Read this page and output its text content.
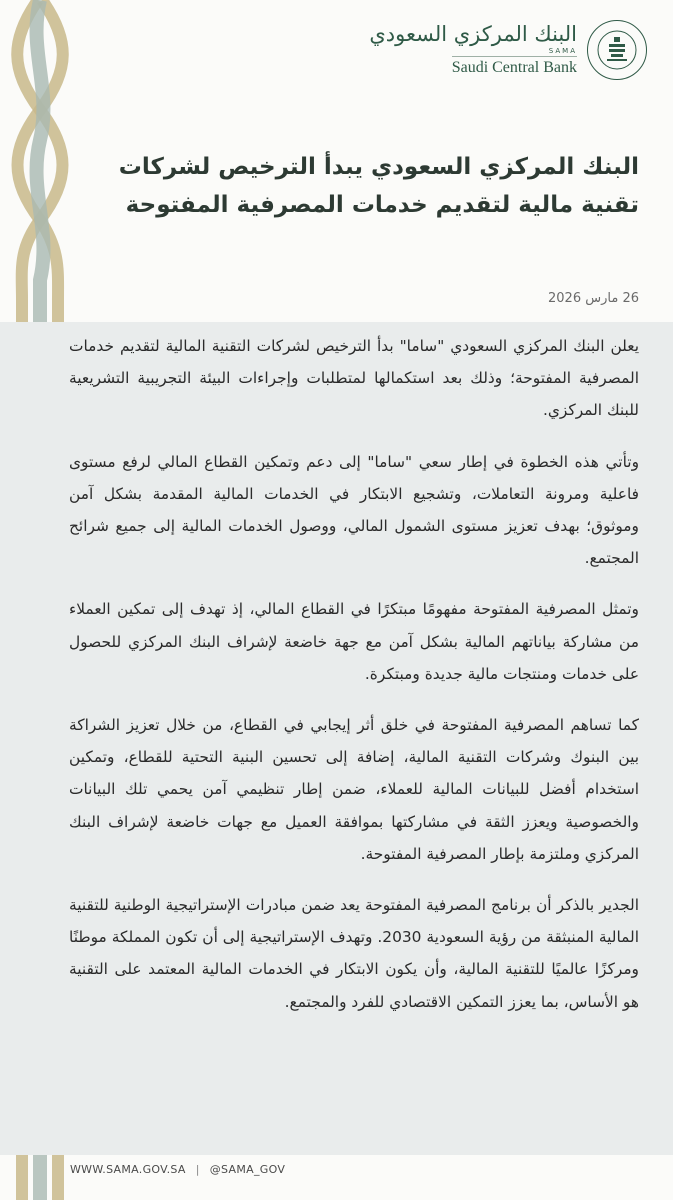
البنك المركزي السعودي
SAMA
Saudi Central Bank
البنك المركزي السعودي يبدأ الترخيص لشركات تقنية مالية لتقديم خدمات المصرفية المفتوحة
26 مارس 2026

يعلن البنك المركزي السعودي "ساما" بدأ الترخيص لشركات التقنية المالية لتقديم خدمات المصرفية المفتوحة؛ وذلك بعد استكمالها لمتطلبات وإجراءات البيئة التجريبية التشريعية للبنك المركزي.

وتأتي هذه الخطوة في إطار سعي "ساما" إلى دعم وتمكين القطاع المالي لرفع مستوى فاعلية ومرونة التعاملات، وتشجيع الابتكار في الخدمات المالية المقدمة بشكل آمن وموثوق؛ بهدف تعزيز مستوى الشمول المالي، ووصول الخدمات المالية إلى جميع شرائح المجتمع.

وتمثل المصرفية المفتوحة مفهومًا مبتكرًا في القطاع المالي، إذ تهدف إلى تمكين العملاء من مشاركة بياناتهم المالية بشكل آمن مع جهة خاضعة لإشراف البنك المركزي للحصول على خدمات ومنتجات مالية جديدة ومبتكرة.

كما تساهم المصرفية المفتوحة في خلق أثر إيجابي في القطاع، من خلال تعزيز الشراكة بين البنوك وشركات التقنية المالية، إضافة إلى تحسين البنية التحتية للقطاع، وتمكين استخدام أفضل للبيانات المالية للعملاء، ضمن إطار تنظيمي آمن يحمي تلك البيانات والخصوصية ويعزز الثقة في مشاركتها بموافقة العميل مع جهات خاضعة لإشراف البنك المركزي وملتزمة بإطار المصرفية المفتوحة.

الجدير بالذكر أن برنامج المصرفية المفتوحة يعد ضمن مبادرات الإستراتيجية الوطنية للتقنية المالية المنبثقة من رؤية السعودية 2030. وتهدف الإستراتيجية إلى أن تكون المملكة موطنًا ومركزًا عالميًا للتقنية المالية، وأن يكون الابتكار في الخدمات المالية المعتمد على التقنية هو الأساس، بما يعزز التمكين الاقتصادي للفرد والمجتمع.

WWW.SAMA.GOV.SA | @SAMA_GOV
